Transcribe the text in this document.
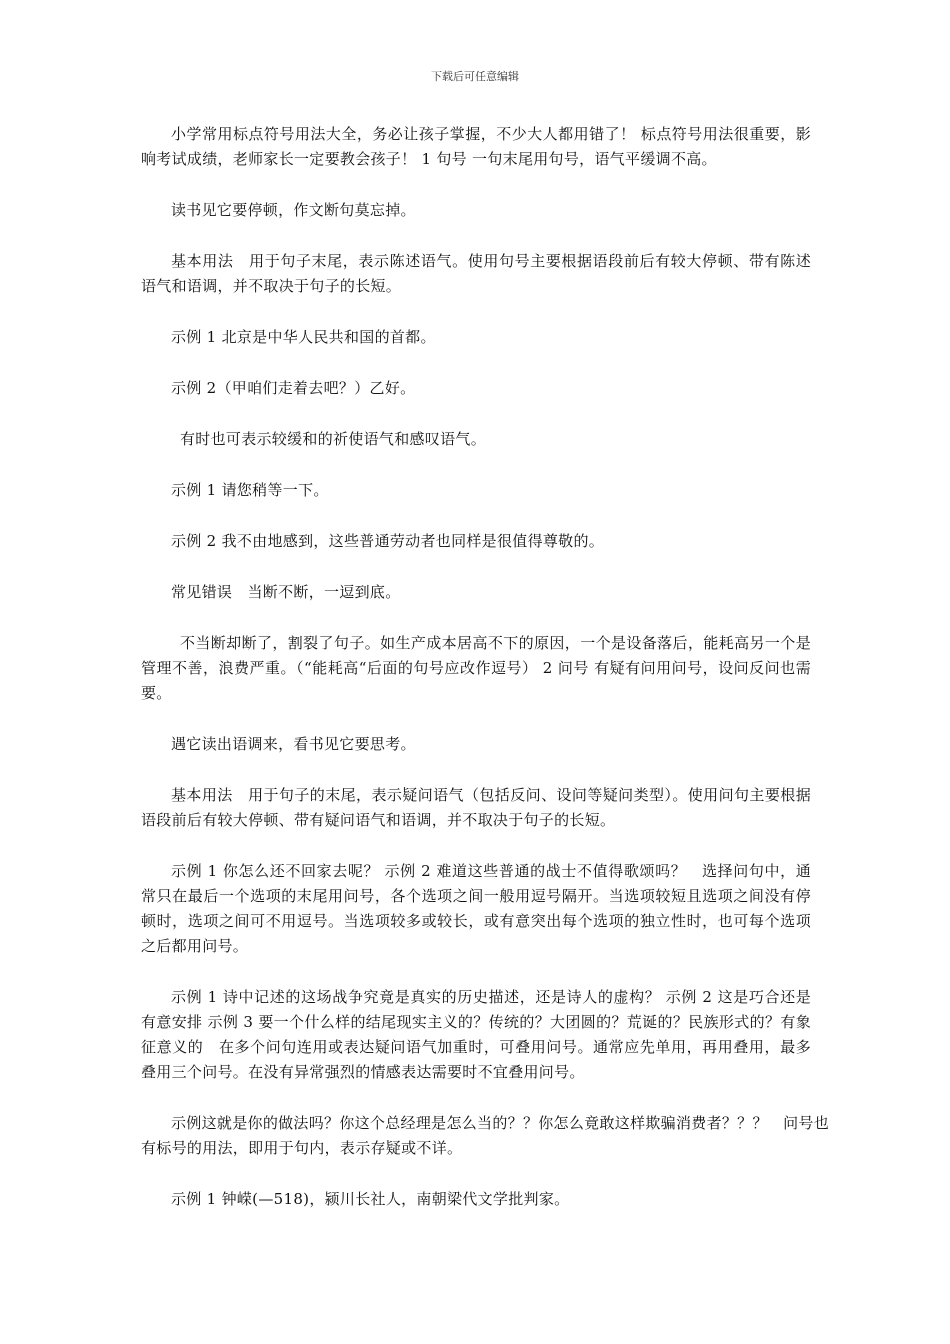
下载后可任意编辑

小学常用标点符号用法大全，务必让孩子掌握，不少大人都用错了！ 标点符号用法很重要，影响考试成绩，老师家长一定要教会孩子！ 1 句号 一句末尾用句号，语气平缓调不高。

读书见它要停顿，作文断句莫忘掉。

基本用法　用于句子末尾，表示陈述语气。使用句号主要根据语段前后有较大停顿、带有陈述语气和语调，并不取决于句子的长短。

示例 1 北京是中华人民共和国的首都。

示例 2（甲咱们走着去吧？）乙好。

有时也可表示较缓和的祈使语气和感叹语气。

示例 1 请您稍等一下。

示例 2 我不由地感到，这些普通劳动者也同样是很值得尊敬的。

常见错误　当断不断，一逗到底。

不当断却断了，割裂了句子。如生产成本居高不下的原因，一个是设备落后，能耗高另一个是管理不善，浪费严重。（“能耗高“后面的句号应改作逗号） 2 问号 有疑有问用问号，设问反问也需要。

遇它读出语调来，看书见它要思考。

基本用法　用于句子的末尾，表示疑问语气（包括反问、设问等疑问类型）。使用问句主要根据语段前后有较大停顿、带有疑问语气和语调，并不取决于句子的长短。

示例 1 你怎么还不回家去呢？ 示例 2 难道这些普通的战士不值得歌颂吗？　选择问句中，通常只在最后一个选项的末尾用问号，各个选项之间一般用逗号隔开。当选项较短且选项之间没有停顿时，选项之间可不用逗号。当选项较多或较长，或有意突出每个选项的独立性时，也可每个选项之后都用问号。

示例 1 诗中记述的这场战争究竟是真实的历史描述，还是诗人的虚构？ 示例 2 这是巧合还是有意安排 示例 3 要一个什么样的结尾现实主义的？传统的？大团圆的？荒诞的？民族形式的？有象征意义的　在多个问句连用或表达疑问语气加重时，可叠用问号。通常应先单用，再用叠用，最多叠用三个问号。在没有异常强烈的情感表达需要时不宜叠用问号。

示例这就是你的做法吗？你这个总经理是怎么当的？？你怎么竟敢这样欺骗消费者？？？　问号也有标号的用法，即用于句内，表示存疑或不详。

示例 1 钟嵘(—518)，颍川长社人，南朝梁代文学批判家。
